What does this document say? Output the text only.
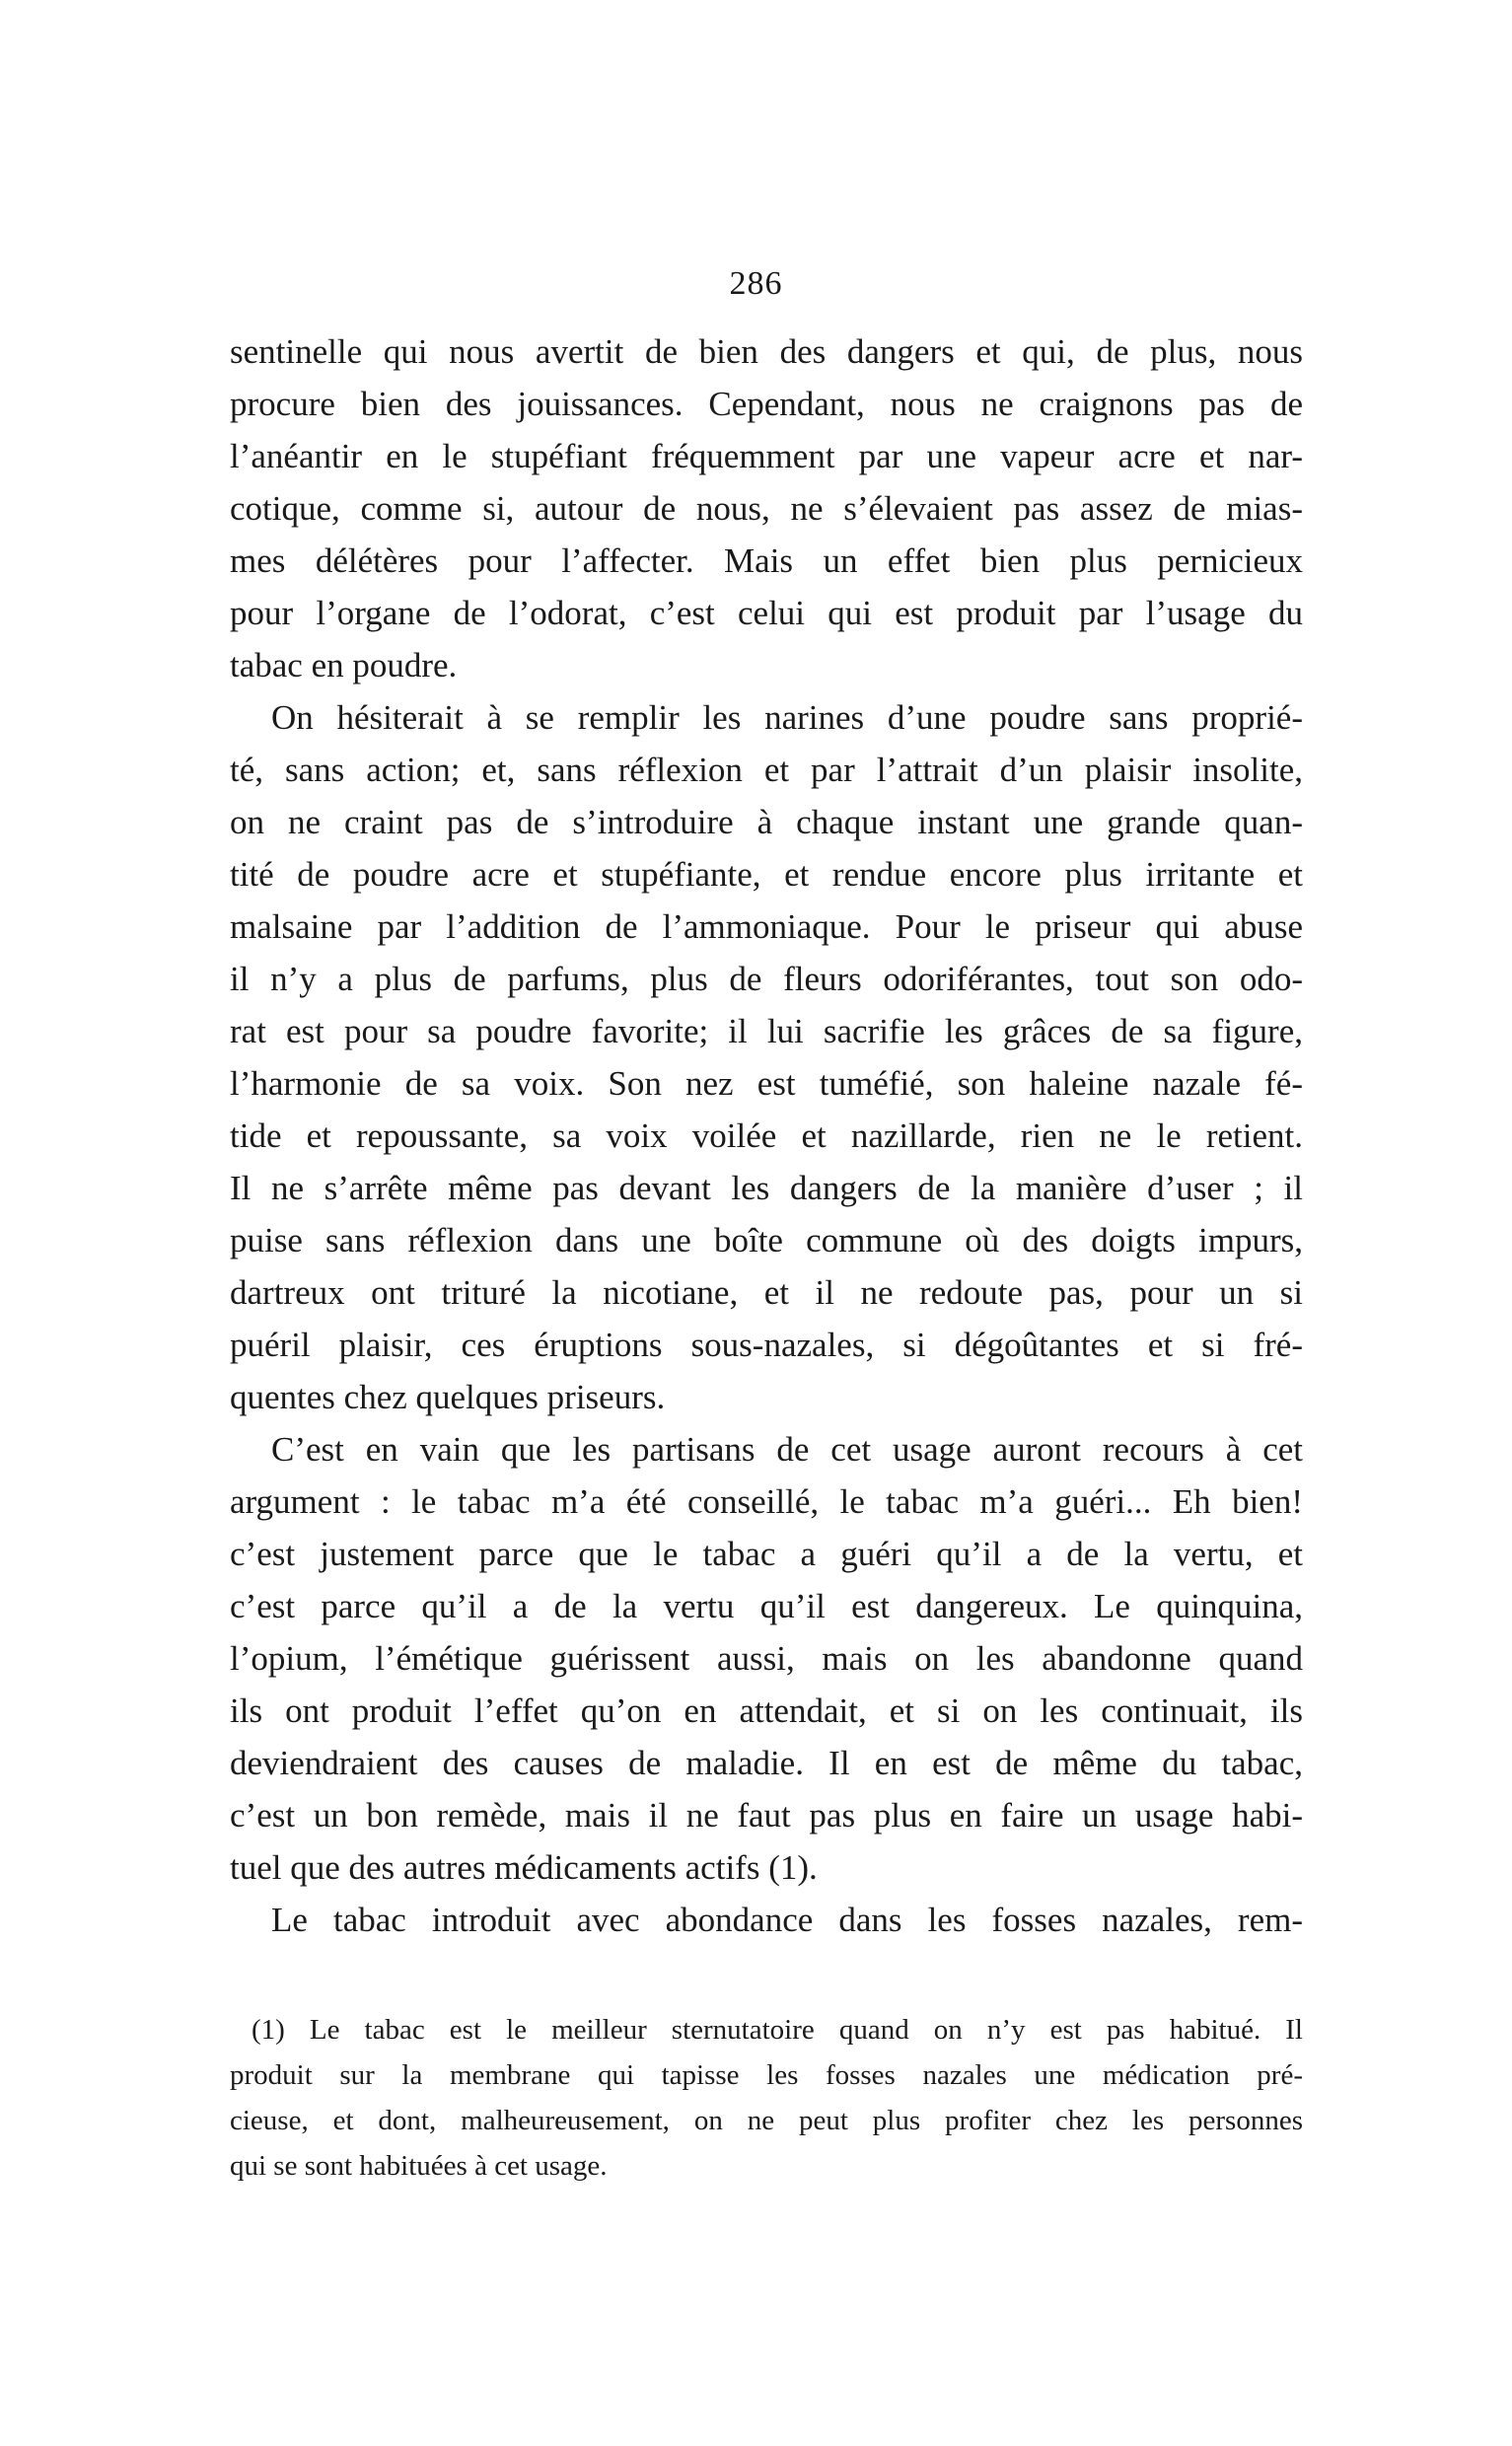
286
sentinelle qui nous avertit de bien des dangers et qui, de plus, nous
procure bien des jouissances. Cependant, nous ne craignons pas de
l’anéantir en le stupéfiant fréquemment par une vapeur acre et nar-
cotique, comme si, autour de nous, ne s’élevaient pas assez de mias-
mes délétères pour l’affecter. Mais un effet bien plus pernicieux
pour l’organe de l’odorat, c’est celui qui est produit par l’usage du
tabac en poudre.
On hésiterait à se remplir les narines d’une poudre sans proprié-
té, sans action; et, sans réflexion et par l’attrait d’un plaisir insolite,
on ne craint pas de s’introduire à chaque instant une grande quan-
tité de poudre acre et stupéfiante, et rendue encore plus irritante et
malsaine par l’addition de l’ammoniaque. Pour le priseur qui abuse
il n’y a plus de parfums, plus de fleurs odoriférantes, tout son odo-
rat est pour sa poudre favorite; il lui sacrifie les grâces de sa figure,
l’harmonie de sa voix. Son nez est tuméfié, son haleine nazale fé-
tide et repoussante, sa voix voilée et nazillarde, rien ne le retient.
Il ne s’arrête même pas devant les dangers de la manière d’user ; il
puise sans réflexion dans une boîte commune où des doigts impurs,
dartreux ont trituré la nicotiane, et il ne redoute pas, pour un si
puéril plaisir, ces éruptions sous-nazales, si dégoûtantes et si fré-
quentes chez quelques priseurs.
C’est en vain que les partisans de cet usage auront recours à cet
argument : le tabac m’a été conseillé, le tabac m’a guéri... Eh bien!
c’est justement parce que le tabac a guéri qu’il a de la vertu, et
c’est parce qu’il a de la vertu qu’il est dangereux. Le quinquina,
l’opium, l’émétique guérissent aussi, mais on les abandonne quand
ils ont produit l’effet qu’on en attendait, et si on les continuait, ils
deviendraient des causes de maladie. Il en est de même du tabac,
c’est un bon remède, mais il ne faut pas plus en faire un usage habi-
tuel que des autres médicaments actifs (1).
Le tabac introduit avec abondance dans les fosses nazales, rem-
(1) Le tabac est le meilleur sternutatoire quand on n’y est pas habitué. Il
produit sur la membrane qui tapisse les fosses nazales une médication pré-
cieuse, et dont, malheureusement, on ne peut plus profiter chez les personnes
qui se sont habituées à cet usage.
